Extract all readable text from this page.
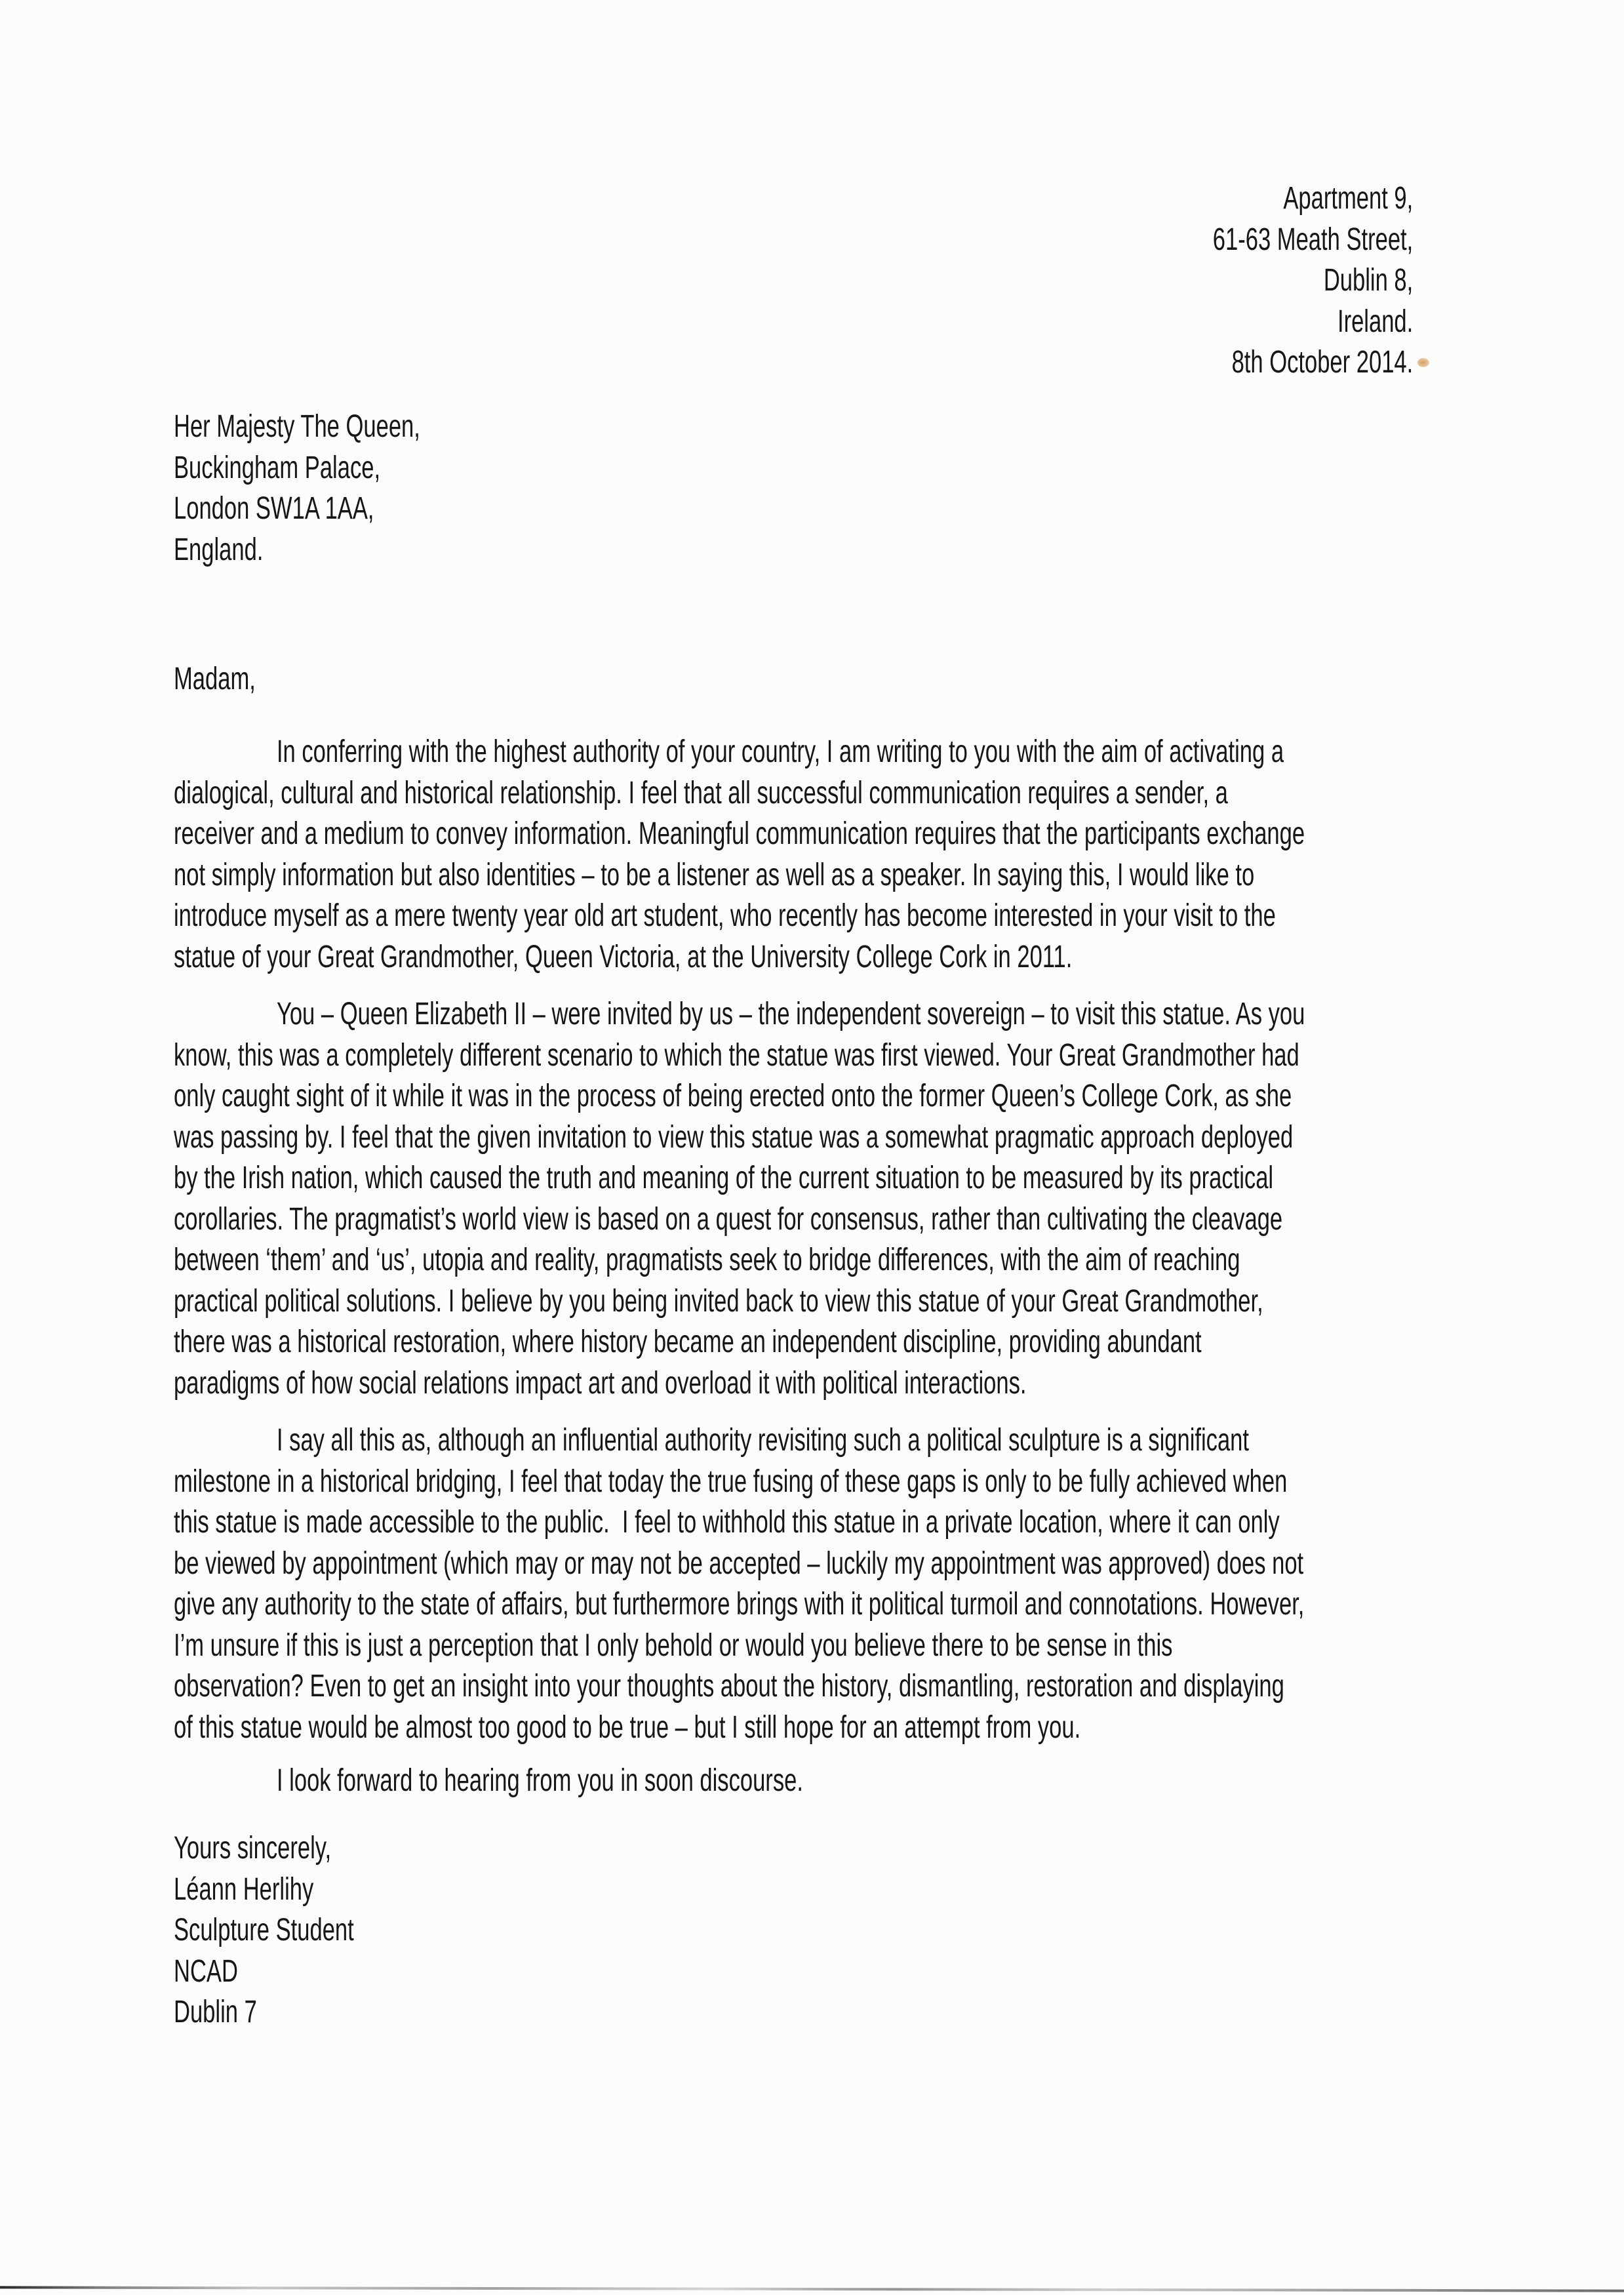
Apartment 9,
61-63 Meath Street,
Dublin 8,
Ireland.
8th October 2014.
Her Majesty The Queen,
Buckingham Palace,
London SW1A 1AA,
England.
Madam,
In conferring with the highest authority of your country, I am writing to you with the aim of activating a
dialogical, cultural and historical relationship. I feel that all successful communication requires a sender, a
receiver and a medium to convey information. Meaningful communication requires that the participants exchange
not simply information but also identities – to be a listener as well as a speaker. In saying this, I would like to
introduce myself as a mere twenty year old art student, who recently has become interested in your visit to the
statue of your Great Grandmother, Queen Victoria, at the University College Cork in 2011.
You – Queen Elizabeth II – were invited by us – the independent sovereign – to visit this statue. As you
know, this was a completely different scenario to which the statue was first viewed. Your Great Grandmother had
only caught sight of it while it was in the process of being erected onto the former Queen’s College Cork, as she
was passing by. I feel that the given invitation to view this statue was a somewhat pragmatic approach deployed
by the Irish nation, which caused the truth and meaning of the current situation to be measured by its practical
corollaries. The pragmatist’s world view is based on a quest for consensus, rather than cultivating the cleavage
between ‘them’ and ‘us’, utopia and reality, pragmatists seek to bridge differences, with the aim of reaching
practical political solutions. I believe by you being invited back to view this statue of your Great Grandmother,
there was a historical restoration, where history became an independent discipline, providing abundant
paradigms of how social relations impact art and overload it with political interactions.
I say all this as, although an influential authority revisiting such a political sculpture is a significant
milestone in a historical bridging, I feel that today the true fusing of these gaps is only to be fully achieved when
this statue is made accessible to the public.  I feel to withhold this statue in a private location, where it can only
be viewed by appointment (which may or may not be accepted – luckily my appointment was approved) does not
give any authority to the state of affairs, but furthermore brings with it political turmoil and connotations. However,
I’m unsure if this is just a perception that I only behold or would you believe there to be sense in this
observation? Even to get an insight into your thoughts about the history, dismantling, restoration and displaying
of this statue would be almost too good to be true – but I still hope for an attempt from you.
I look forward to hearing from you in soon discourse.
Yours sincerely,
Léann Herlihy
Sculpture Student
NCAD
Dublin 7
